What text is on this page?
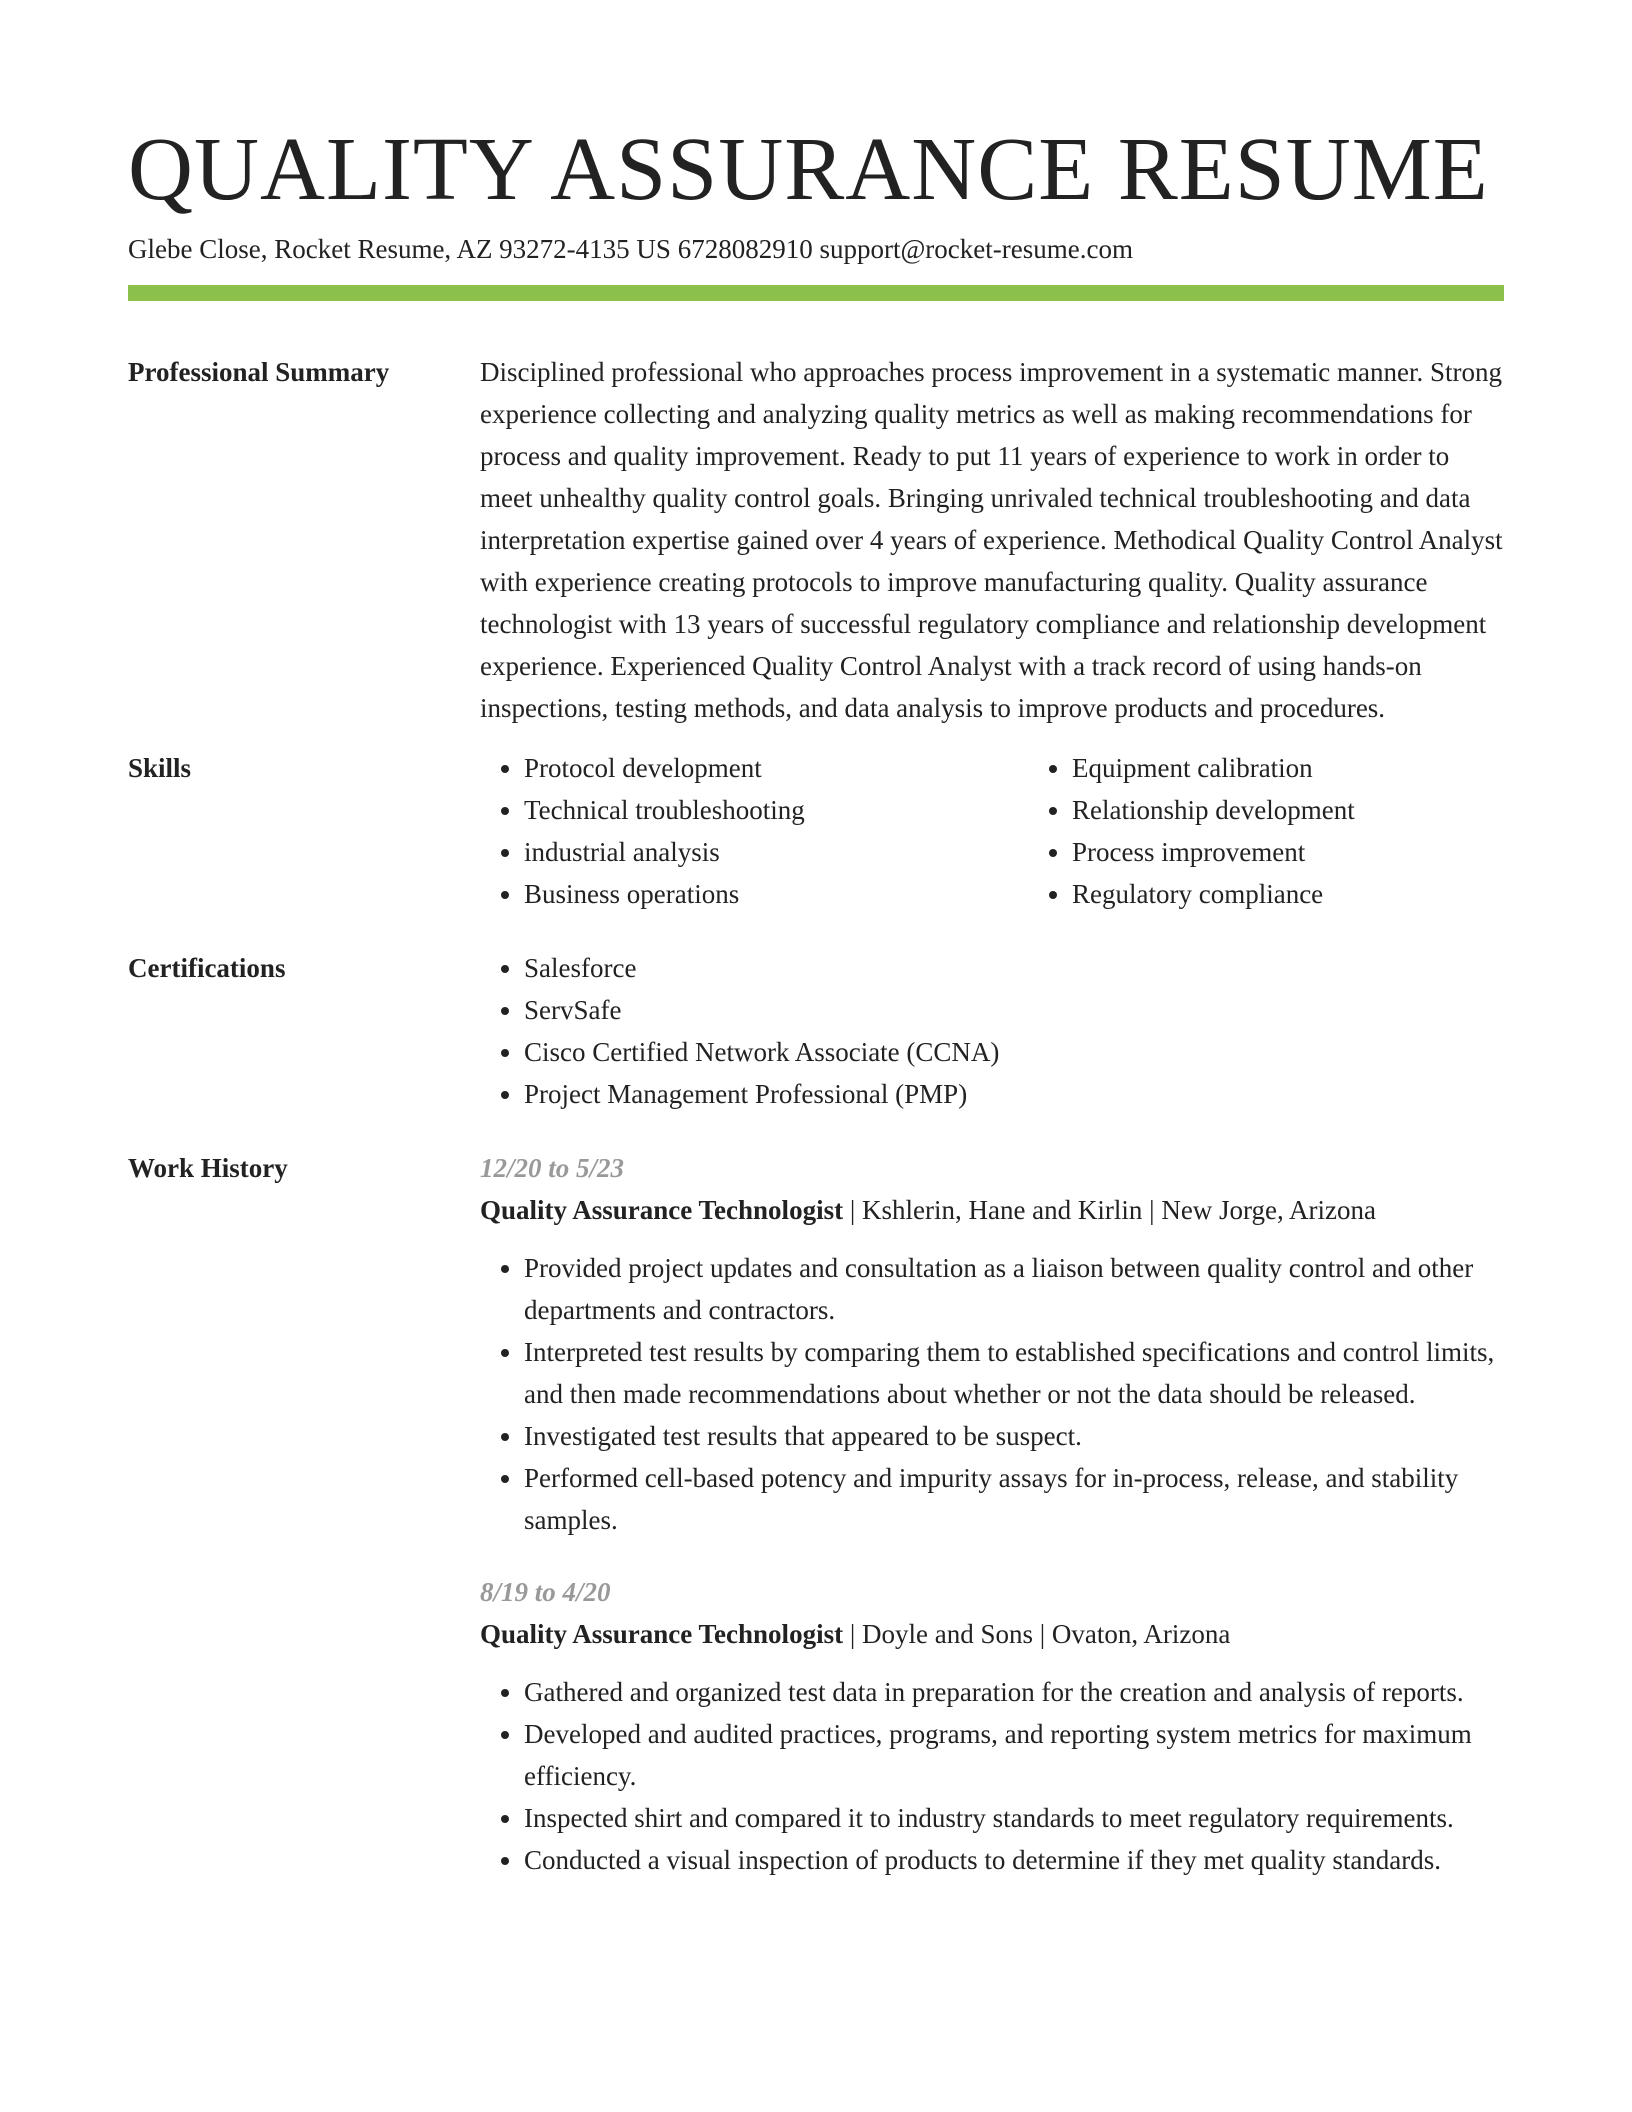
QUALITY ASSURANCE RESUME
Glebe Close, Rocket Resume, AZ 93272-4135 US 6728082910 support@rocket-resume.com
Professional Summary	Disciplined professional who approaches process improvement in a systematic manner. Strong experience collecting and analyzing quality metrics as well as making recommendations for process and quality improvement. Ready to put 11 years of experience to work in order to meet unhealthy quality control goals. Bringing unrivaled technical troubleshooting and data interpretation expertise gained over 4 years of experience. Methodical Quality Control Analyst with experience creating protocols to improve manufacturing quality. Quality assurance technologist with 13 years of successful regulatory compliance and relationship development experience. Experienced Quality Control Analyst with a track record of using hands-on inspections, testing methods, and data analysis to improve products and procedures.

Skills	• Protocol development
• Technical troubleshooting
• industrial analysis
• Business operations
• Equipment calibration
• Relationship development
• Process improvement
• Regulatory compliance
Certifications	• Salesforce
• ServSafe
• Cisco Certified Network Associate (CCNA)
• Project Management Professional (PMP)
Work History	12/20 to 5/23
Quality Assurance Technologist | Kshlerin, Hane and Kirlin | New Jorge, Arizona
• Provided project updates and consultation as a liaison between quality control and other departments and contractors.
• Interpreted test results by comparing them to established specifications and control limits, and then made recommendations about whether or not the data should be released.
• Investigated test results that appeared to be suspect.
• Performed cell-based potency and impurity assays for in-process, release, and stability samples.
8/19 to 4/20
Quality Assurance Technologist | Doyle and Sons | Ovaton, Arizona
• Gathered and organized test data in preparation for the creation and analysis of reports.
• Developed and audited practices, programs, and reporting system metrics for maximum efficiency.
• Inspected shirt and compared it to industry standards to meet regulatory requirements.
• Conducted a visual inspection of products to determine if they met quality standards.
